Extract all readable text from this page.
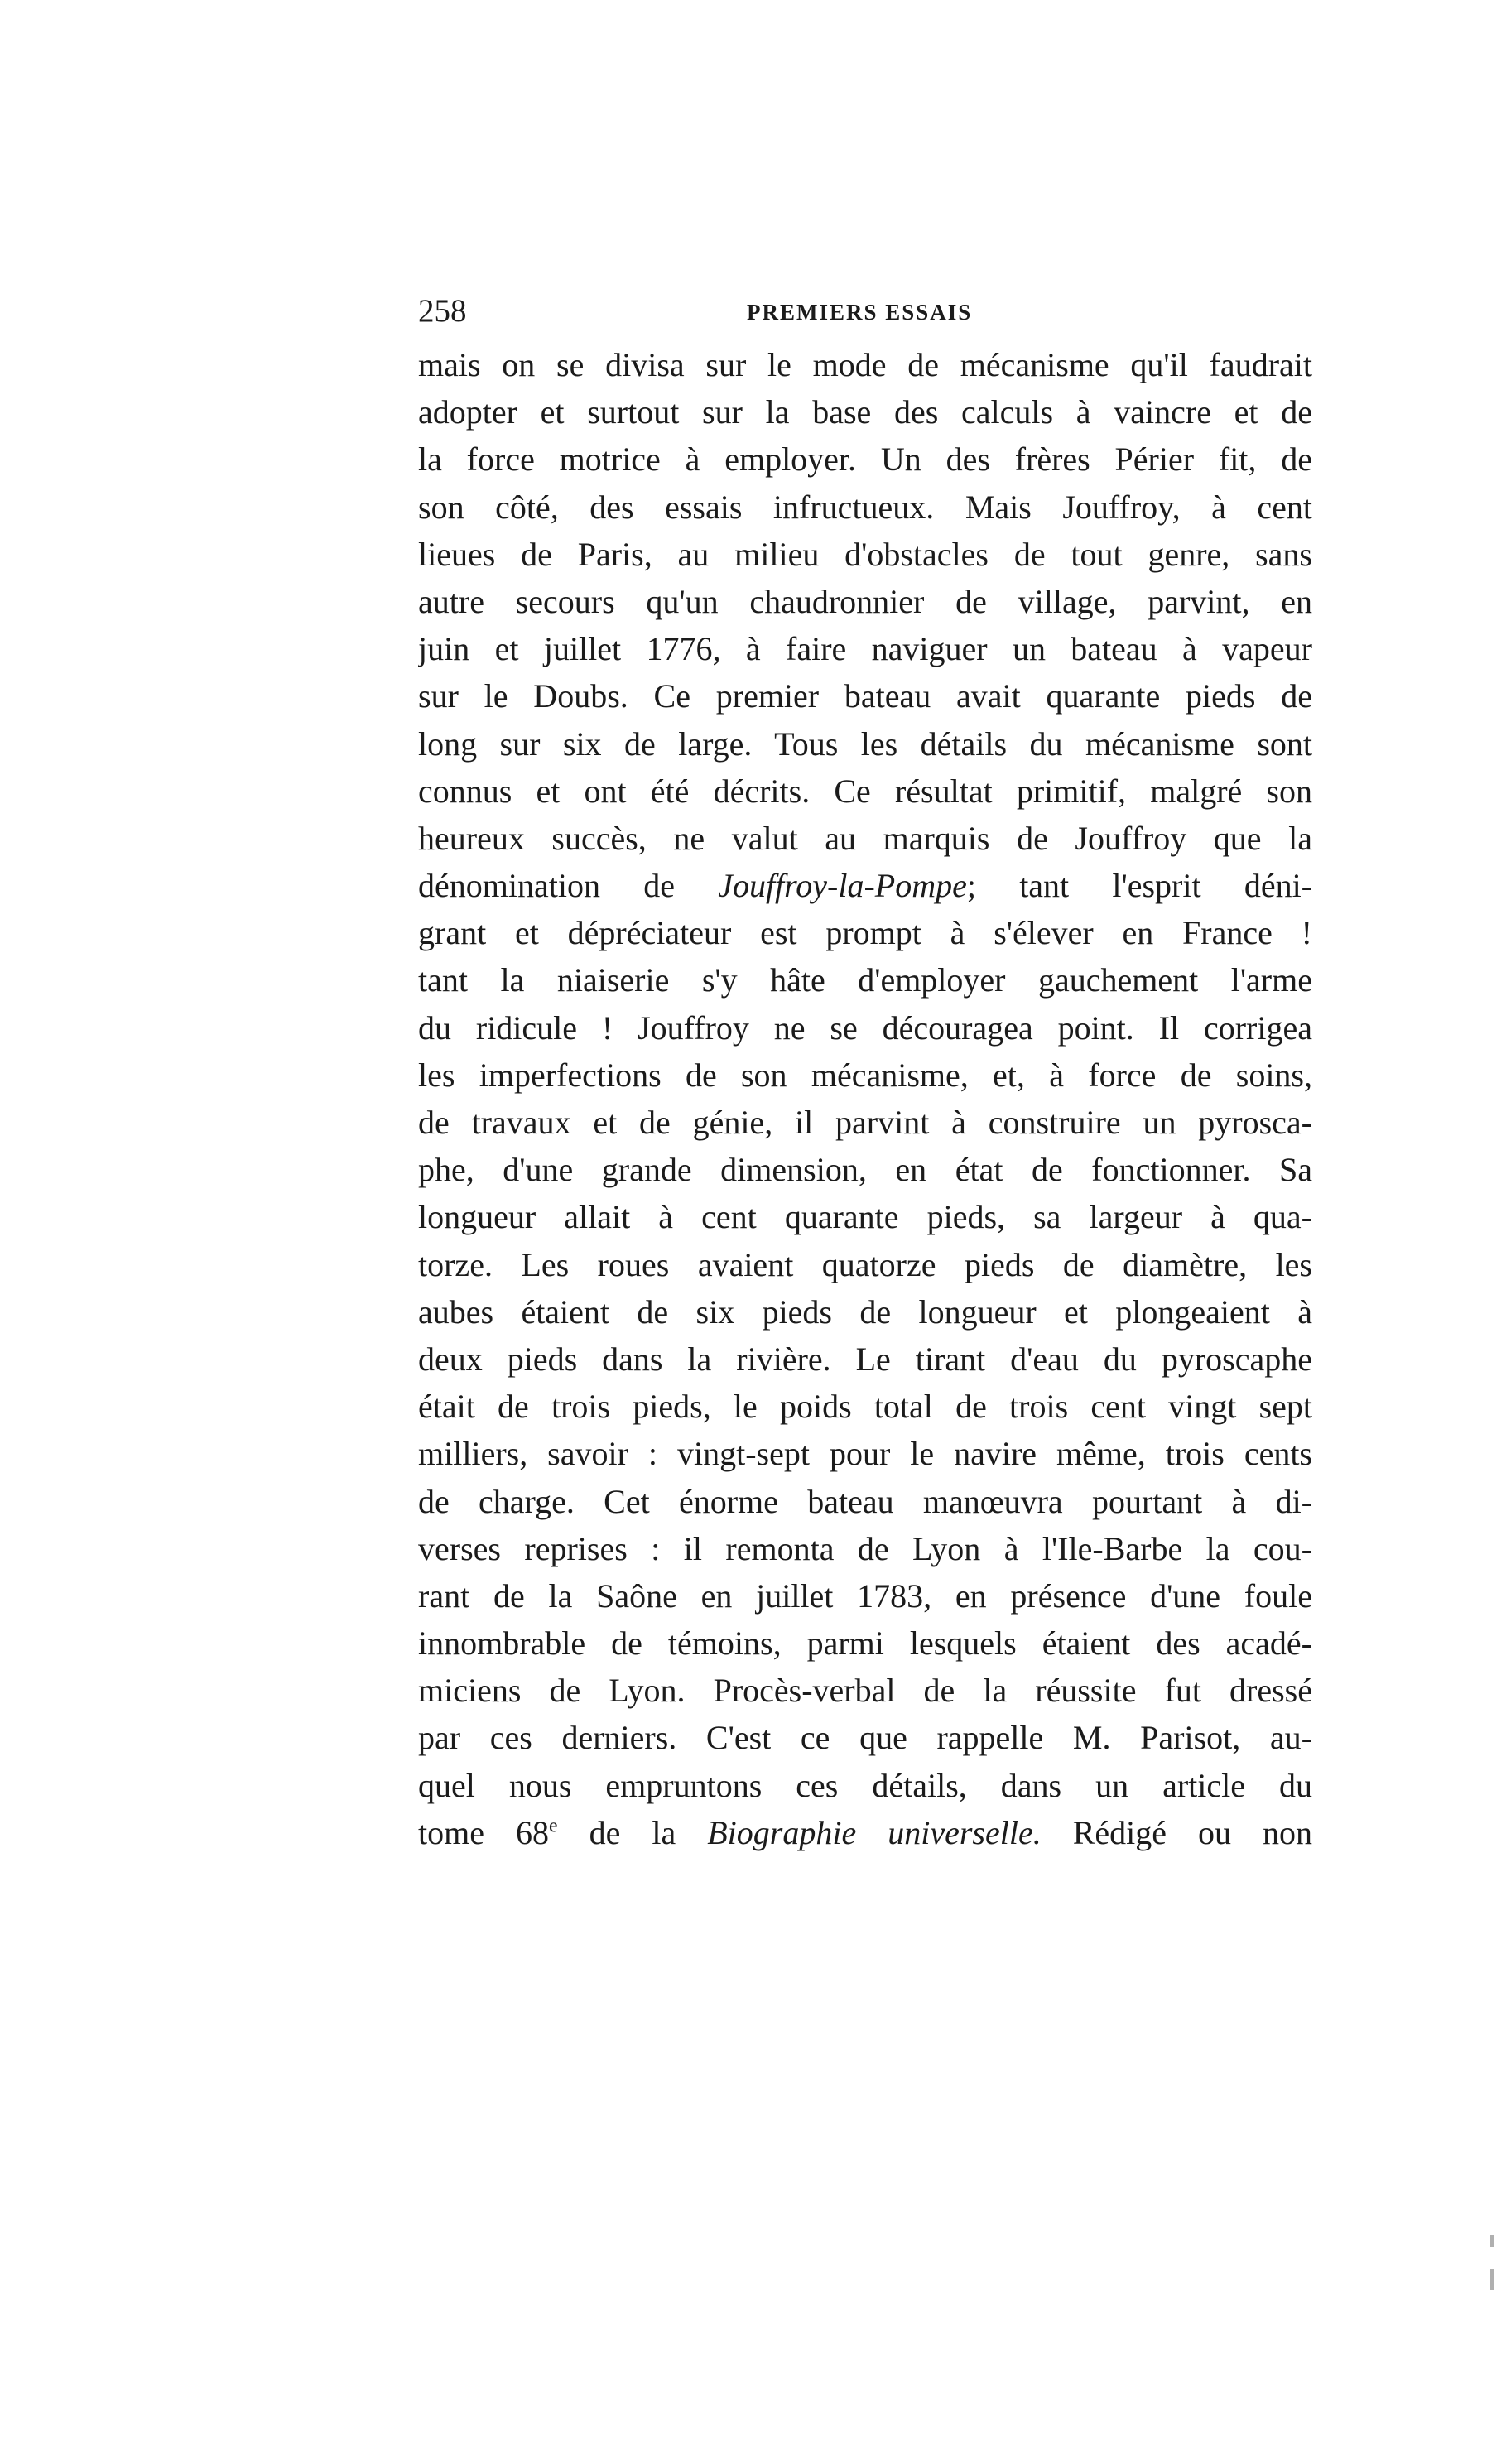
258	PREMIERS ESSAIS
mais on se divisa sur le mode de mécanisme qu'il faudrait
adopter et surtout sur la base des calculs à vaincre et de
la force motrice à employer. Un des frères Périer fit, de
son côté, des essais infructueux. Mais Jouffroy, à cent
lieues de Paris, au milieu d'obstacles de tout genre, sans
autre secours qu'un chaudronnier de village, parvint, en
juin et juillet 1776, à faire naviguer un bateau à vapeur
sur le Doubs. Ce premier bateau avait quarante pieds de
long sur six de large. Tous les détails du mécanisme sont
connus et ont été décrits. Ce résultat primitif, malgré son
heureux succès, ne valut au marquis de Jouffroy que la
dénomination de Jouffroy-la-Pompe; tant l'esprit déni-
grant et dépréciateur est prompt à s'élever en France !
tant la niaiserie s'y hâte d'employer gauchement l'arme
du ridicule ! Jouffroy ne se découragea point. Il corrigea
les imperfections de son mécanisme, et, à force de soins,
de travaux et de génie, il parvint à construire un pyrosca-
phe, d'une grande dimension, en état de fonctionner. Sa
longueur allait à cent quarante pieds, sa largeur à qua-
torze. Les roues avaient quatorze pieds de diamètre, les
aubes étaient de six pieds de longueur et plongeaient à
deux pieds dans la rivière. Le tirant d'eau du pyroscaphe
était de trois pieds, le poids total de trois cent vingt sept
milliers, savoir : vingt-sept pour le navire même, trois cents
de charge. Cet énorme bateau manœuvra pourtant à di-
verses reprises : il remonta de Lyon à l'Ile-Barbe la cou-
rant de la Saône en juillet 1783, en présence d'une foule
innombrable de témoins, parmi lesquels étaient des acadé-
miciens de Lyon. Procès-verbal de la réussite fut dressé
par ces derniers. C'est ce que rappelle M. Parisot, au-
quel nous empruntons ces détails, dans un article du
tome 68e de la Biographie universelle. Rédigé ou non
